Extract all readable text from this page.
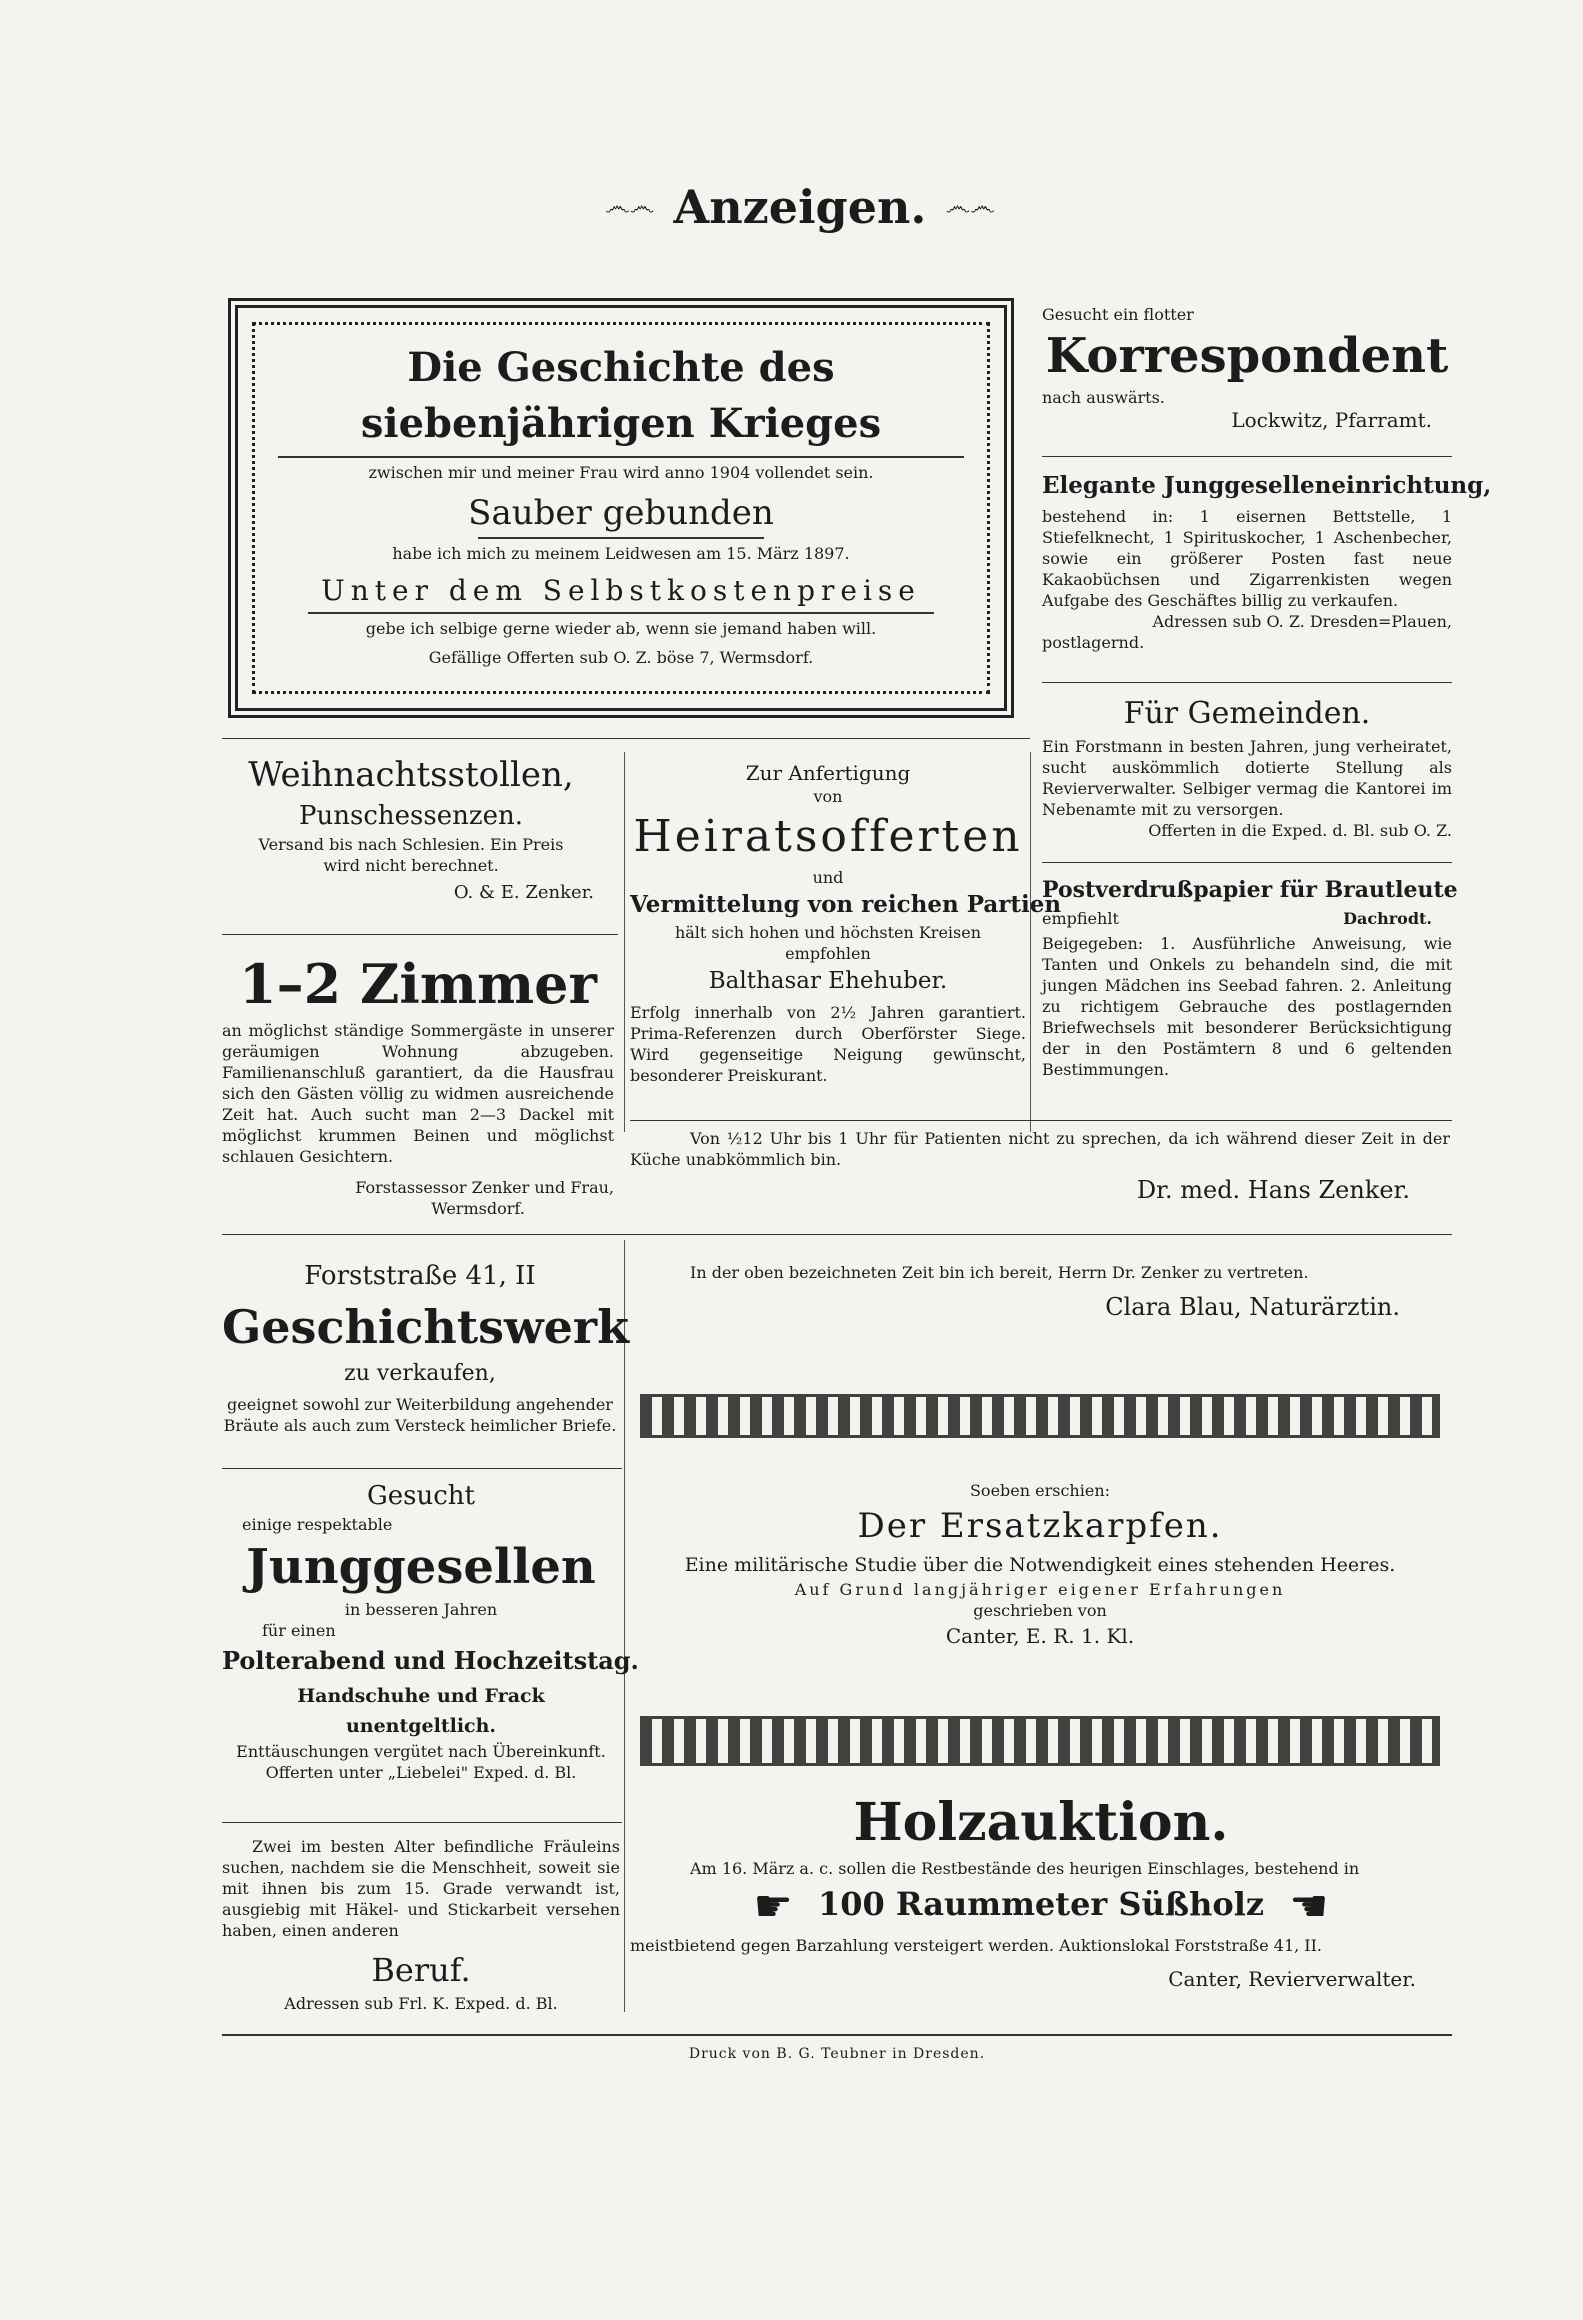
෴෴ Anzeigen. ෴෴
Die Geschichte des siebenjährigen Krieges
zwischen mir und meiner Frau wird anno 1904 vollendet sein.
Sauber gebunden
habe ich mich zu meinem Leidwesen am 15. März 1897.
Unter dem Selbstkostenpreise
gebe ich selbige gerne wieder ab, wenn sie jemand haben will.
Gefällige Offerten sub O. Z. böse 7, Wermsdorf.
Gesucht ein flotter
Korrespondent
nach auswärts.
Lockwitz, Pfarramt.
Elegante Junggeselleneinrichtung,
bestehend in: 1 eisernen Bettstelle, 1 Stiefelknecht, 1 Spirituskocher, 1 Aschenbecher, sowie ein größerer Posten fast neue Kakaobüchsen und Zigarrenkisten wegen Aufgabe des Geschäftes billig zu verkaufen.
Adressen sub O. Z. Dresden=Plauen,
postlagernd.
Für Gemeinden.
Ein Forstmann in besten Jahren, jung verheiratet, sucht auskömmlich dotierte Stellung als Revierverwalter. Selbiger vermag die Kantorei im Nebenamte mit zu versorgen.
Offerten in die Exped. d. Bl. sub O. Z.
Weihnachtsstollen,
Punschessenzen.
Versand bis nach Schlesien. Ein Preis wird nicht berechnet.
O. & E. Zenker.
1–2 Zimmer
an möglichst ständige Sommergäste in unserer geräumigen Wohnung abzugeben. Familienanschluß garantiert, da die Hausfrau sich den Gästen völlig zu widmen ausreichende Zeit hat. Auch sucht man 2—3 Dackel mit möglichst krummen Beinen und möglichst schlauen Gesichtern.
Forstassessor Zenker und Frau,
Wermsdorf.
Zur Anfertigung
von
Heiratsofferten
und
Vermittelung von reichen Partien
hält sich hohen und höchsten Kreisen empfohlen
Balthasar Ehehuber.
Erfolg innerhalb von 2½ Jahren garantiert. Prima-Referenzen durch Oberförster Siege. Wird gegenseitige Neigung gewünscht, besonderer Preiskurant.
Postverdrußpapier für Brautleute
empfiehlt	Dachrodt.
Beigegeben: 1. Ausführliche Anweisung, wie Tanten und Onkels zu behandeln sind, die mit jungen Mädchen ins Seebad fahren. 2. Anleitung zu richtigem Gebrauche des postlagernden Briefwechsels mit besonderer Berücksichtigung der in den Postämtern 8 und 6 geltenden Bestimmungen.
Von ½12 Uhr bis 1 Uhr für Patienten nicht zu sprechen, da ich während dieser Zeit in der Küche unabkömmlich bin.
Dr. med. Hans Zenker.
In der oben bezeichneten Zeit bin ich bereit, Herrn Dr. Zenker zu vertreten.
Clara Blau, Naturärztin.
Soeben erschien:
Der Ersatzkarpfen.
Eine militärische Studie über die Notwendigkeit eines stehenden Heeres.
Auf Grund langjähriger eigener Erfahrungen
geschrieben von
Canter, E. R. 1. Kl.
Holzauktion.
Am 16. März a. c. sollen die Restbestände des heurigen Einschlages, bestehend in
☛ 100 Raummeter Süßholz ☚
meistbietend gegen Barzahlung versteigert werden. Auktionslokal Forststraße 41, II.
Canter, Revierverwalter.
Forststraße 41, II
Geschichtswerk
zu verkaufen,
geeignet sowohl zur Weiterbildung angehender Bräute als auch zum Versteck heimlicher Briefe.
Gesucht
einige respektable
Junggesellen
in besseren Jahren
für einen
Polterabend und Hochzeitstag.
Handschuhe und Frack unentgeltlich.
Enttäuschungen vergütet nach Übereinkunft.
Offerten unter „Liebelei" Exped. d. Bl.
Zwei im besten Alter befindliche Fräuleins suchen, nachdem sie die Menschheit, soweit sie mit ihnen bis zum 15. Grade verwandt ist, ausgiebig mit Häkel- und Stickarbeit versehen haben, einen anderen
Beruf.
Adressen sub Frl. K. Exped. d. Bl.
Druck von B. G. Teubner in Dresden.
